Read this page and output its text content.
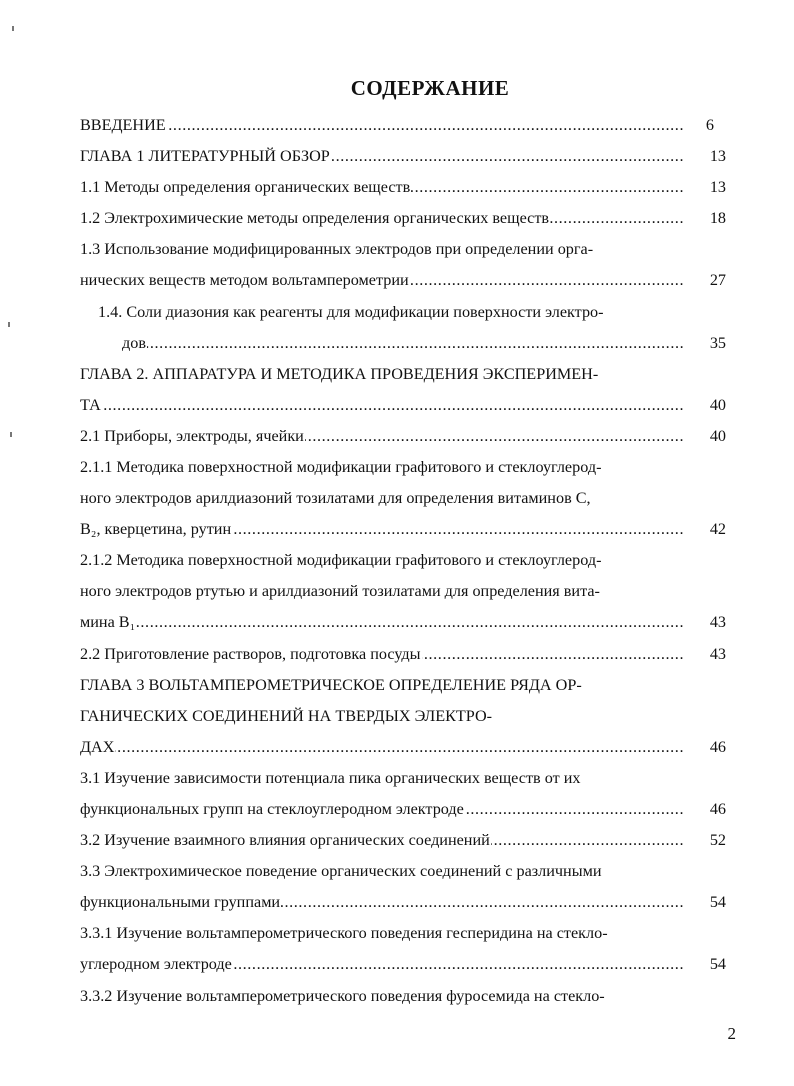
СОДЕРЖАНИЕ
ВВЕДЕНИЕ .....	6
ГЛАВА 1 ЛИТЕРАТУРНЫЙ ОБЗОР .....	13
1.1 Методы определения органических веществ .....	13
1.2 Электрохимические методы определения органических веществ .....	18
1.3 Использование модифицированных электродов при определении орга-
нических веществ методом вольтамперометрии .....	27
1.4. Соли диазония как реагенты для модификации поверхности электро-
дов .....	35
ГЛАВА 2. АППАРАТУРА И МЕТОДИКА ПРОВЕДЕНИЯ ЭКСПЕРИМЕН-
ТА .....	40
2.1 Приборы, электроды, ячейки .....	40
2.1.1 Методика поверхностной модификации графитового и стеклоуглерод-
ного электродов арилдиазоний тозилатами для определения витаминов С,
В₂, кверцетина, рутин .....	42
2.1.2 Методика поверхностной модификации графитового и стеклоуглерод-
ного электродов ртутью и арилдиазоний тозилатами для определения вита-
мина В₁ .....	43
2.2 Приготовление растворов, подготовка посуды .....	43
ГЛАВА 3 ВОЛЬТАМПЕРОМЕТРИЧЕСКОЕ ОПРЕДЕЛЕНИЕ РЯДА ОР-
ГАНИЧЕСКИХ СОЕДИНЕНИЙ НА ТВЕРДЫХ ЭЛЕКТРО-
ДАХ .....	46
3.1 Изучение зависимости потенциала пика органических веществ от их
функциональных групп на стеклоуглеродном электроде .....	46
3.2 Изучение взаимного влияния органических соединений .....	52
3.3 Электрохимическое поведение органических соединений с различными
функциональными группами .....	54
3.3.1 Изучение вольтамперометрического поведения гесперидина на стекло-
углеродном электроде .....	54
3.3.2 Изучение вольтамперометрического поведения фуросемида на стекло-
2
